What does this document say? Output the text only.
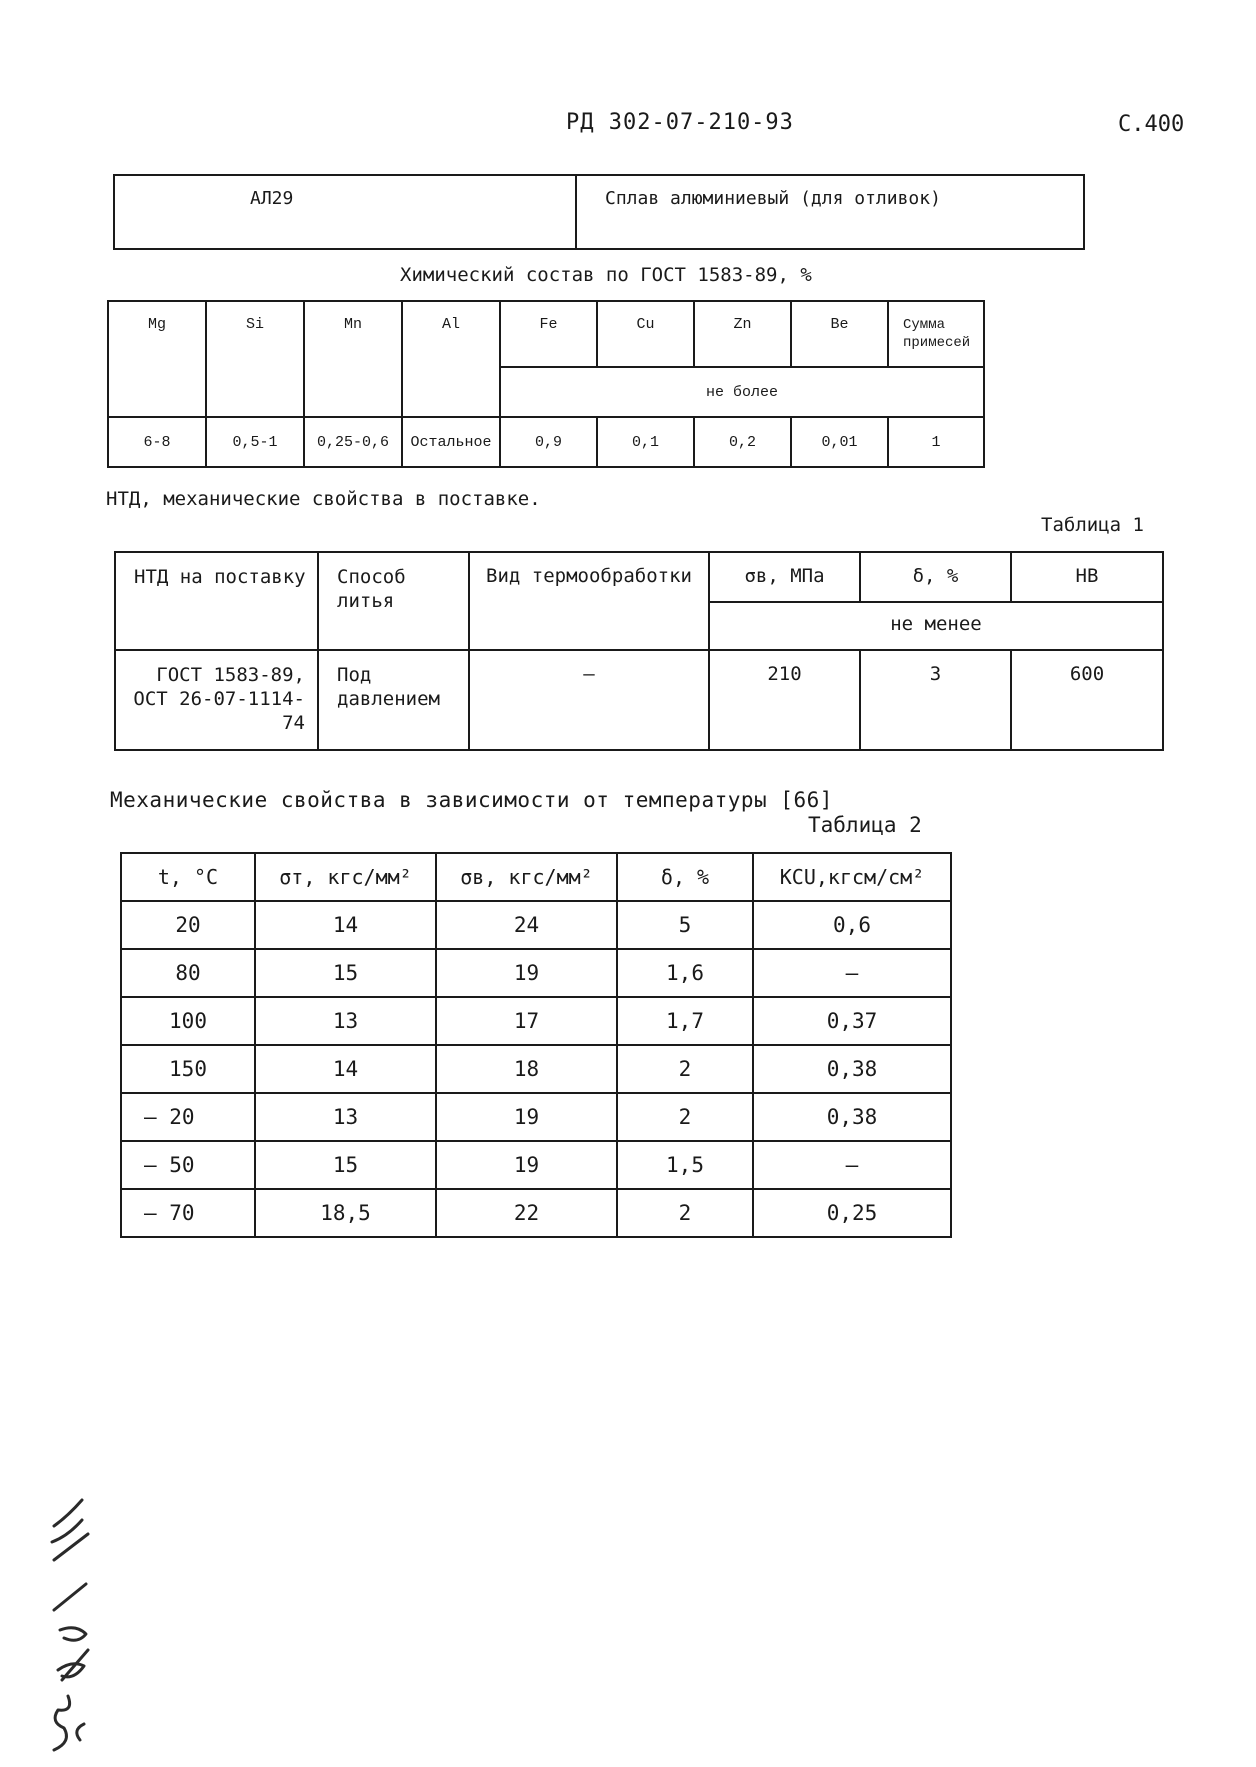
РД 302-07-210-93	С.400
АЛ29	Сплав алюминиевый (для отливок)
Химический состав по ГОСТ 1583-89, %
Mg	Si	Mn	Al	Fe	Cu	Zn	Be	Сумма примесей
				не более				
6-8	0,5-1	0,25-0,6	Остальное	0,9	0,1	0,2	0,01	1
НТД, механические свойства в поставке.
Таблица 1
НТД на поставку	Способ литья	Вид термообработки	σв, МПа	δ, %	НВ
			не менее		
ГОСТ 1583-89, ОСТ 26-07-1114-74	Под давлением	–	210	3	600
Механические свойства в зависимости от температуры [66]
Таблица 2
t, °С	σт, кгс/мм²	σв, кгс/мм²	δ, %	KCU,кгсм/см²
20	14	24	5	0,6
80	15	19	1,6	–
100	13	17	1,7	0,37
150	14	18	2	0,38
– 20	13	19	2	0,38
– 50	15	19	1,5	–
– 70	18,5	22	2	0,25
